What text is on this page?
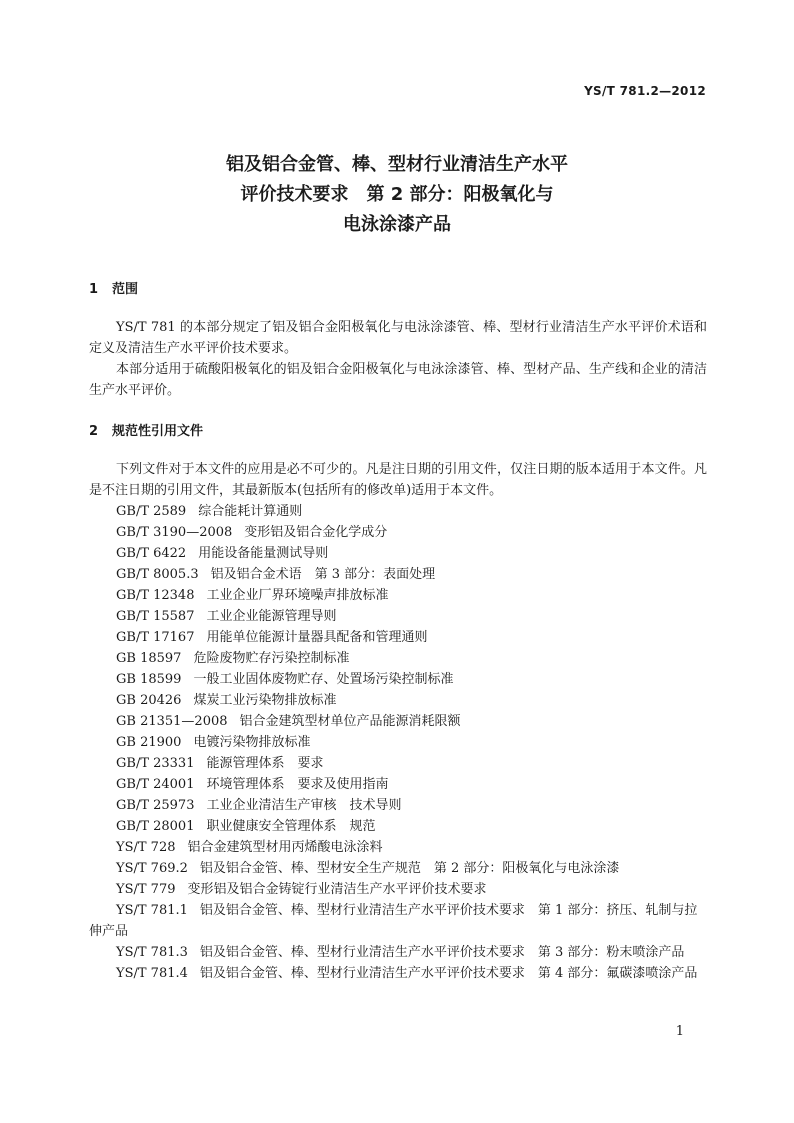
YS/T 781.2—2012
铝及铝合金管、棒、型材行业清洁生产水平
评价技术要求　第 2 部分：阳极氧化与
电泳涂漆产品
1 范围

YS/T 781 的本部分规定了铝及铝合金阳极氧化与电泳涂漆管、棒、型材行业清洁生产水平评价术语和定义及清洁生产水平评价技术要求。

本部分适用于硫酸阳极氧化的铝及铝合金阳极氧化与电泳涂漆管、棒、型材产品、生产线和企业的清洁生产水平评价。

2 规范性引用文件

下列文件对于本文件的应用是必不可少的。凡是注日期的引用文件，仅注日期的版本适用于本文件。凡是不注日期的引用文件，其最新版本(包括所有的修改单)适用于本文件。

GB/T 2589 综合能耗计算通则
GB/T 3190—2008 变形铝及铝合金化学成分
GB/T 6422 用能设备能量测试导则
GB/T 8005.3 铝及铝合金术语　第 3 部分：表面处理
GB/T 12348 工业企业厂界环境噪声排放标准
GB/T 15587 工业企业能源管理导则
GB/T 17167 用能单位能源计量器具配备和管理通则
GB 18597 危险废物贮存污染控制标准
GB 18599 一般工业固体废物贮存、处置场污染控制标准
GB 20426 煤炭工业污染物排放标准
GB 21351—2008 铝合金建筑型材单位产品能源消耗限额
GB 21900 电镀污染物排放标准
GB/T 23331 能源管理体系　要求
GB/T 24001 环境管理体系　要求及使用指南
GB/T 25973 工业企业清洁生产审核　技术导则
GB/T 28001 职业健康安全管理体系　规范
YS/T 728 铝合金建筑型材用丙烯酸电泳涂料
YS/T 769.2 铝及铝合金管、棒、型材安全生产规范　第 2 部分：阳极氧化与电泳涂漆
YS/T 779 变形铝及铝合金铸锭行业清洁生产水平评价技术要求
YS/T 781.1 铝及铝合金管、棒、型材行业清洁生产水平评价技术要求　第 1 部分：挤压、轧制与拉伸产品
YS/T 781.3 铝及铝合金管、棒、型材行业清洁生产水平评价技术要求　第 3 部分：粉末喷涂产品
YS/T 781.4 铝及铝合金管、棒、型材行业清洁生产水平评价技术要求　第 4 部分：氟碳漆喷涂产品
1
